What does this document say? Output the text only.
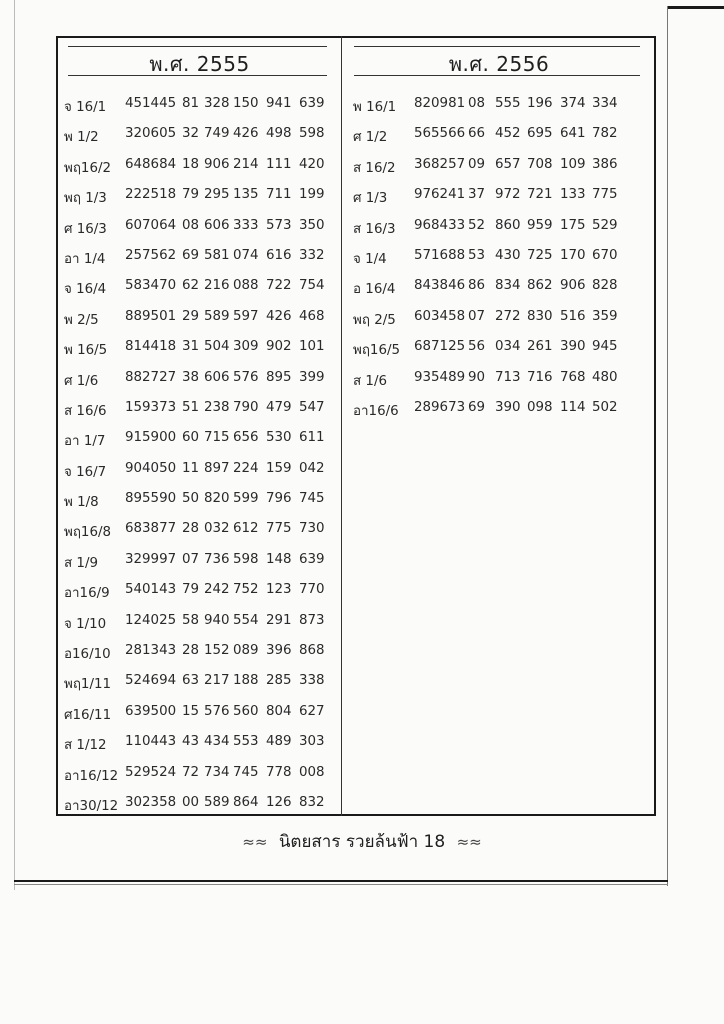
พ.ศ. 2555
จ 16/1 451445 81 328 150 941 639
พ 1/2 320605 32 749 426 498 598
พฤ16/2 648684 18 906 214 111 420
พฤ 1/3 222518 79 295 135 711 199
ศ 16/3 607064 08 606 333 573 350
อา 1/4 257562 69 581 074 616 332
จ 16/4 583470 62 216 088 722 754
พ 2/5 889501 29 589 597 426 468
พ 16/5 814418 31 504 309 902 101
ศ 1/6 882727 38 606 576 895 399
ส 16/6 159373 51 238 790 479 547
อา 1/7 915900 60 715 656 530 611
จ 16/7 904050 11 897 224 159 042
พ 1/8 895590 50 820 599 796 745
พฤ16/8 683877 28 032 612 775 730
ส 1/9 329997 07 736 598 148 639
อา16/9 540143 79 242 752 123 770
จ 1/10 124025 58 940 554 291 873
อ16/10 281343 28 152 089 396 868
พฤ1/11 524694 63 217 188 285 338
ศ16/11 639500 15 576 560 804 627
ส 1/12 110443 43 434 553 489 303
อา16/12 529524 72 734 745 778 008
อา30/12 302358 00 589 864 126 832
พ.ศ. 2556
พ 16/1 820981 08 555 196 374 334
ศ 1/2 565566 66 452 695 641 782
ส 16/2 368257 09 657 708 109 386
ศ 1/3 976241 37 972 721 133 775
ส 16/3 968433 52 860 959 175 529
จ 1/4 571688 53 430 725 170 670
อ 16/4 843846 86 834 862 906 828
พฤ 2/5 603458 07 272 830 516 359
พฤ16/5 687125 56 034 261 390 945
ส 1/6 935489 90 713 716 768 480
อา16/6 289673 69 390 098 114 502
≈≈ นิตยสาร รวยล้นฟ้า 18 ≈≈
